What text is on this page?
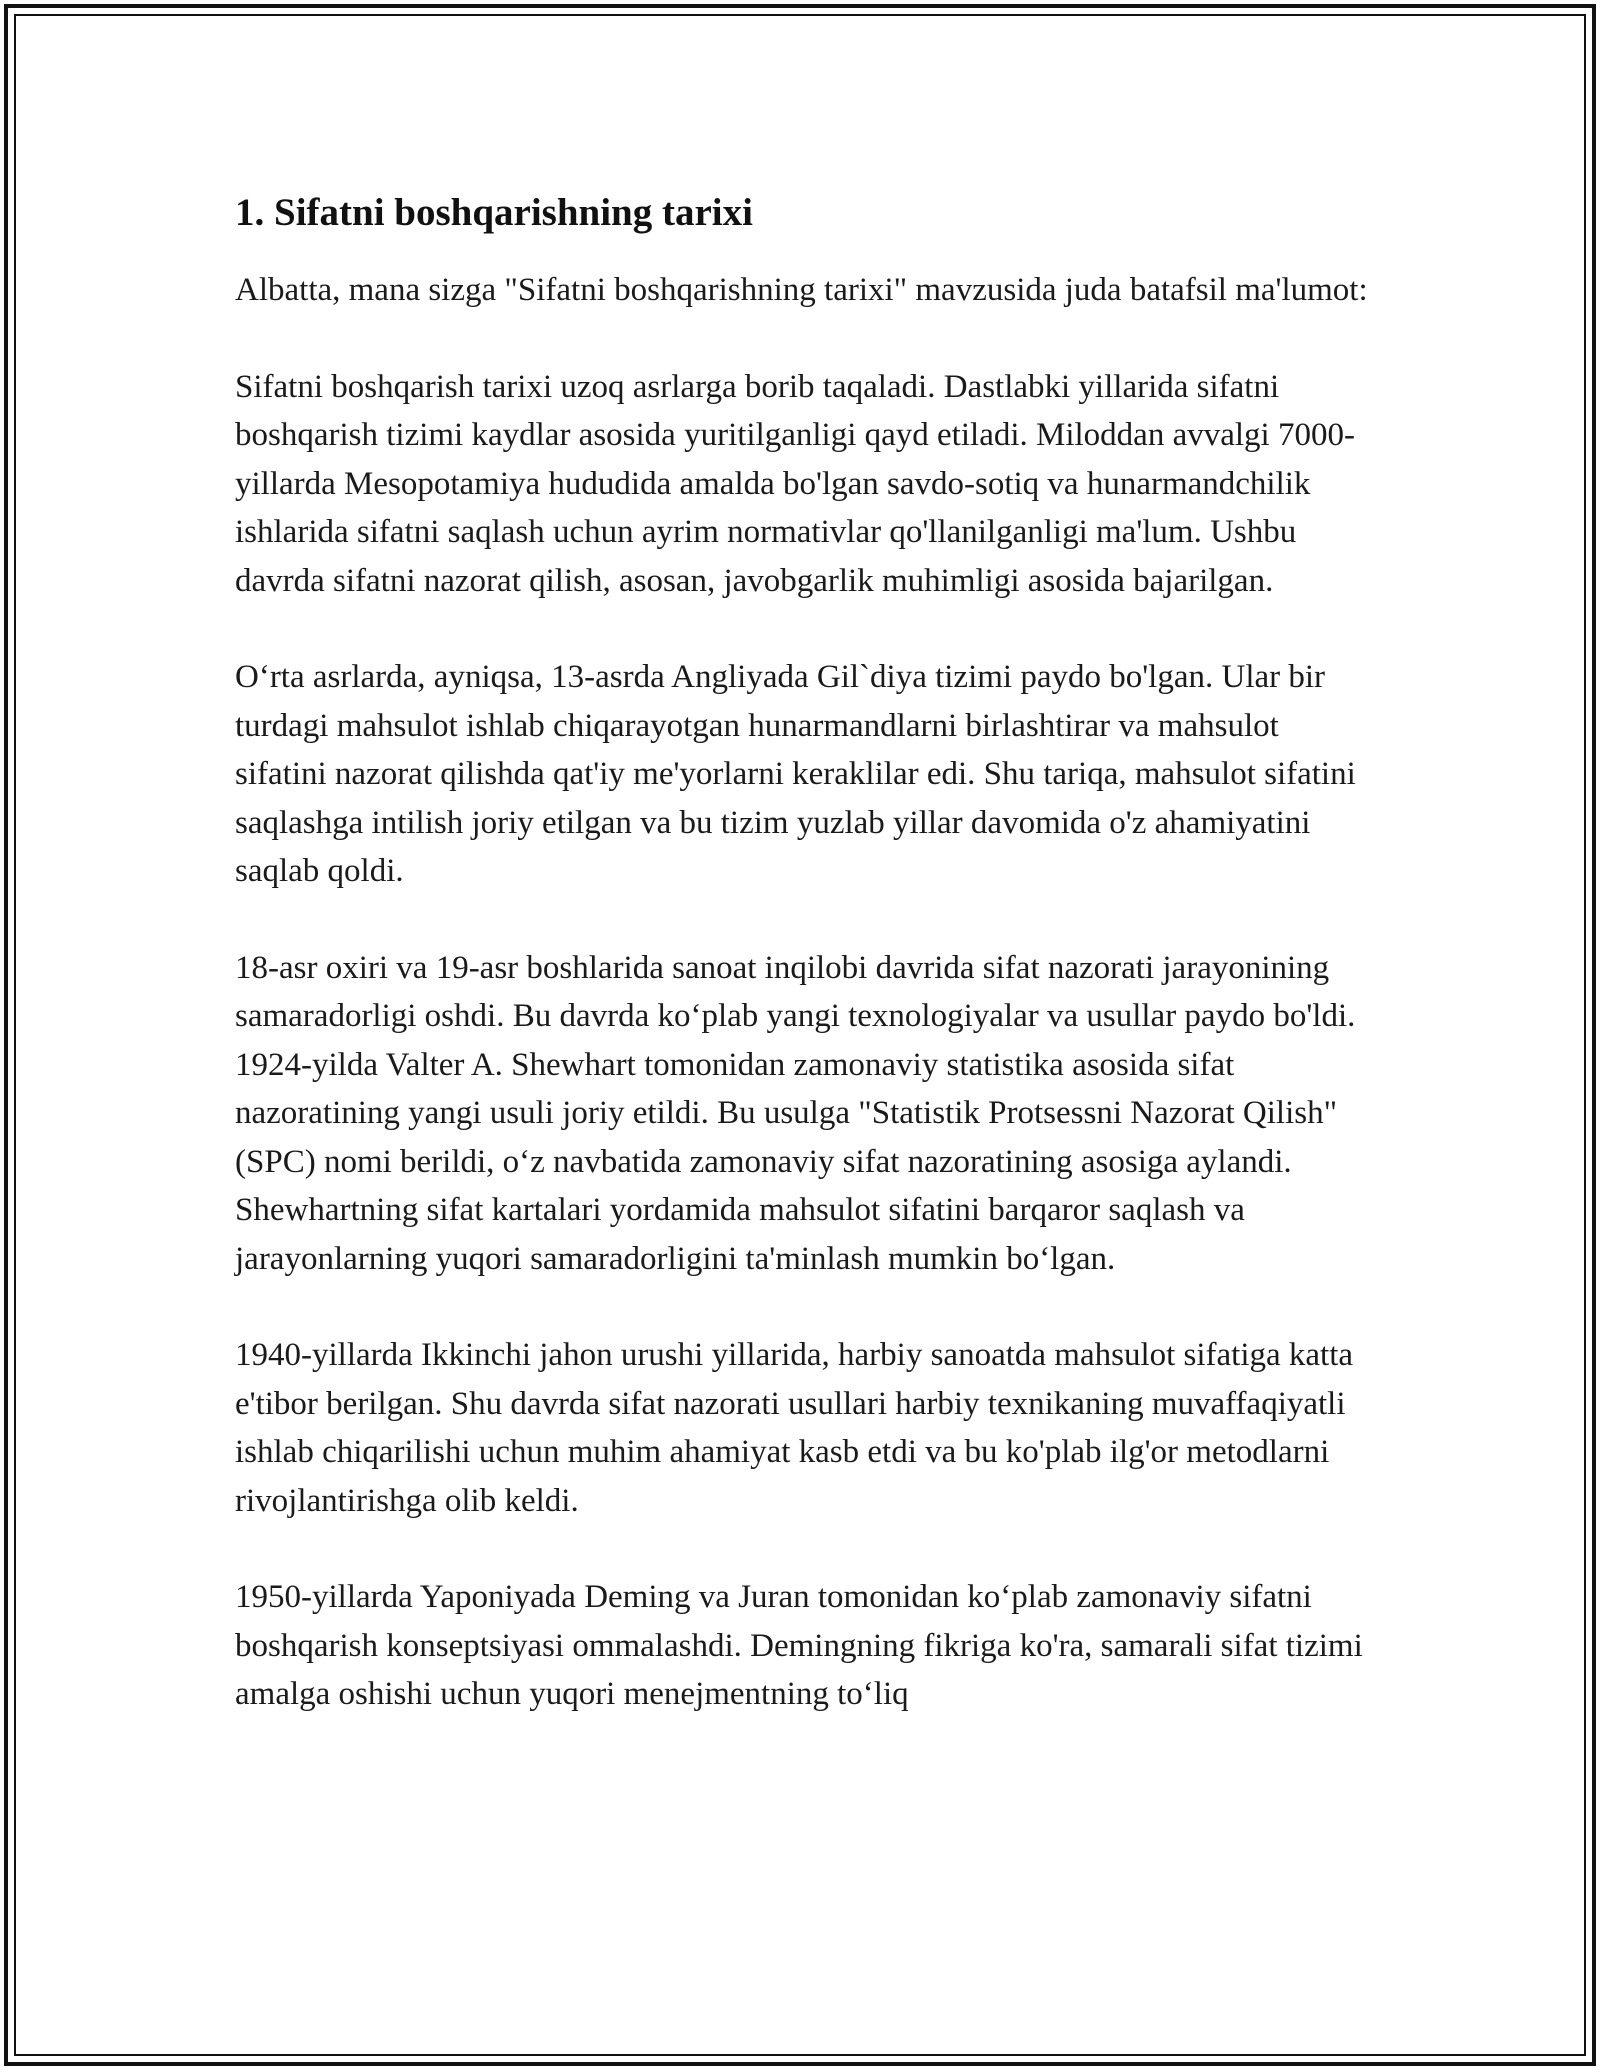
1. Sifatni boshqarishning tarixi

Albatta, mana sizga "Sifatni boshqarishning tarixi" mavzusida juda batafsil ma'lumot:

Sifatni boshqarish tarixi uzoq asrlarga borib taqaladi. Dastlabki yillarida sifatni boshqarish tizimi kaydlar asosida yuritilganligi qayd etiladi. Miloddan avvalgi 7000-yillarda Mesopotamiya hududida amalda bo'lgan savdo-sotiq va hunarmandchilik ishlarida sifatni saqlash uchun ayrim normativlar qo'llanilganligi ma'lum. Ushbu davrda sifatni nazorat qilish, asosan, javobgarlik muhimligi asosida bajarilgan.

O‘rta asrlarda, ayniqsa, 13-asrda Angliyada Gil`diya tizimi paydo bo'lgan. Ular bir turdagi mahsulot ishlab chiqarayotgan hunarmandlarni birlashtirar va mahsulot sifatini nazorat qilishda qat'iy me'yorlarni keraklilar edi. Shu tariqa, mahsulot sifatini saqlashga intilish joriy etilgan va bu tizim yuzlab yillar davomida o'z ahamiyatini saqlab qoldi.

18-asr oxiri va 19-asr boshlarida sanoat inqilobi davrida sifat nazorati jarayonining samaradorligi oshdi. Bu davrda ko‘plab yangi texnologiyalar va usullar paydo bo'ldi. 1924-yilda Valter A. Shewhart tomonidan zamonaviy statistika asosida sifat nazoratining yangi usuli joriy etildi. Bu usulga "Statistik Protsessni Nazorat Qilish" (SPC) nomi berildi, o‘z navbatida zamonaviy sifat nazoratining asosiga aylandi. Shewhartning sifat kartalari yordamida mahsulot sifatini barqaror saqlash va jarayonlarning yuqori samaradorligini ta'minlash mumkin bo‘lgan.

1940-yillarda Ikkinchi jahon urushi yillarida, harbiy sanoatda mahsulot sifatiga katta e'tibor berilgan. Shu davrda sifat nazorati usullari harbiy texnikaning muvaffaqiyatli ishlab chiqarilishi uchun muhim ahamiyat kasb etdi va bu ko'plab ilg'or metodlarni rivojlantirishga olib keldi.

1950-yillarda Yaponiyada Deming va Juran tomonidan ko‘plab zamonaviy sifatni boshqarish konseptsiyasi ommalashdi. Demingning fikriga ko'ra, samarali sifat tizimi amalga oshishi uchun yuqori menejmentning to‘liq
